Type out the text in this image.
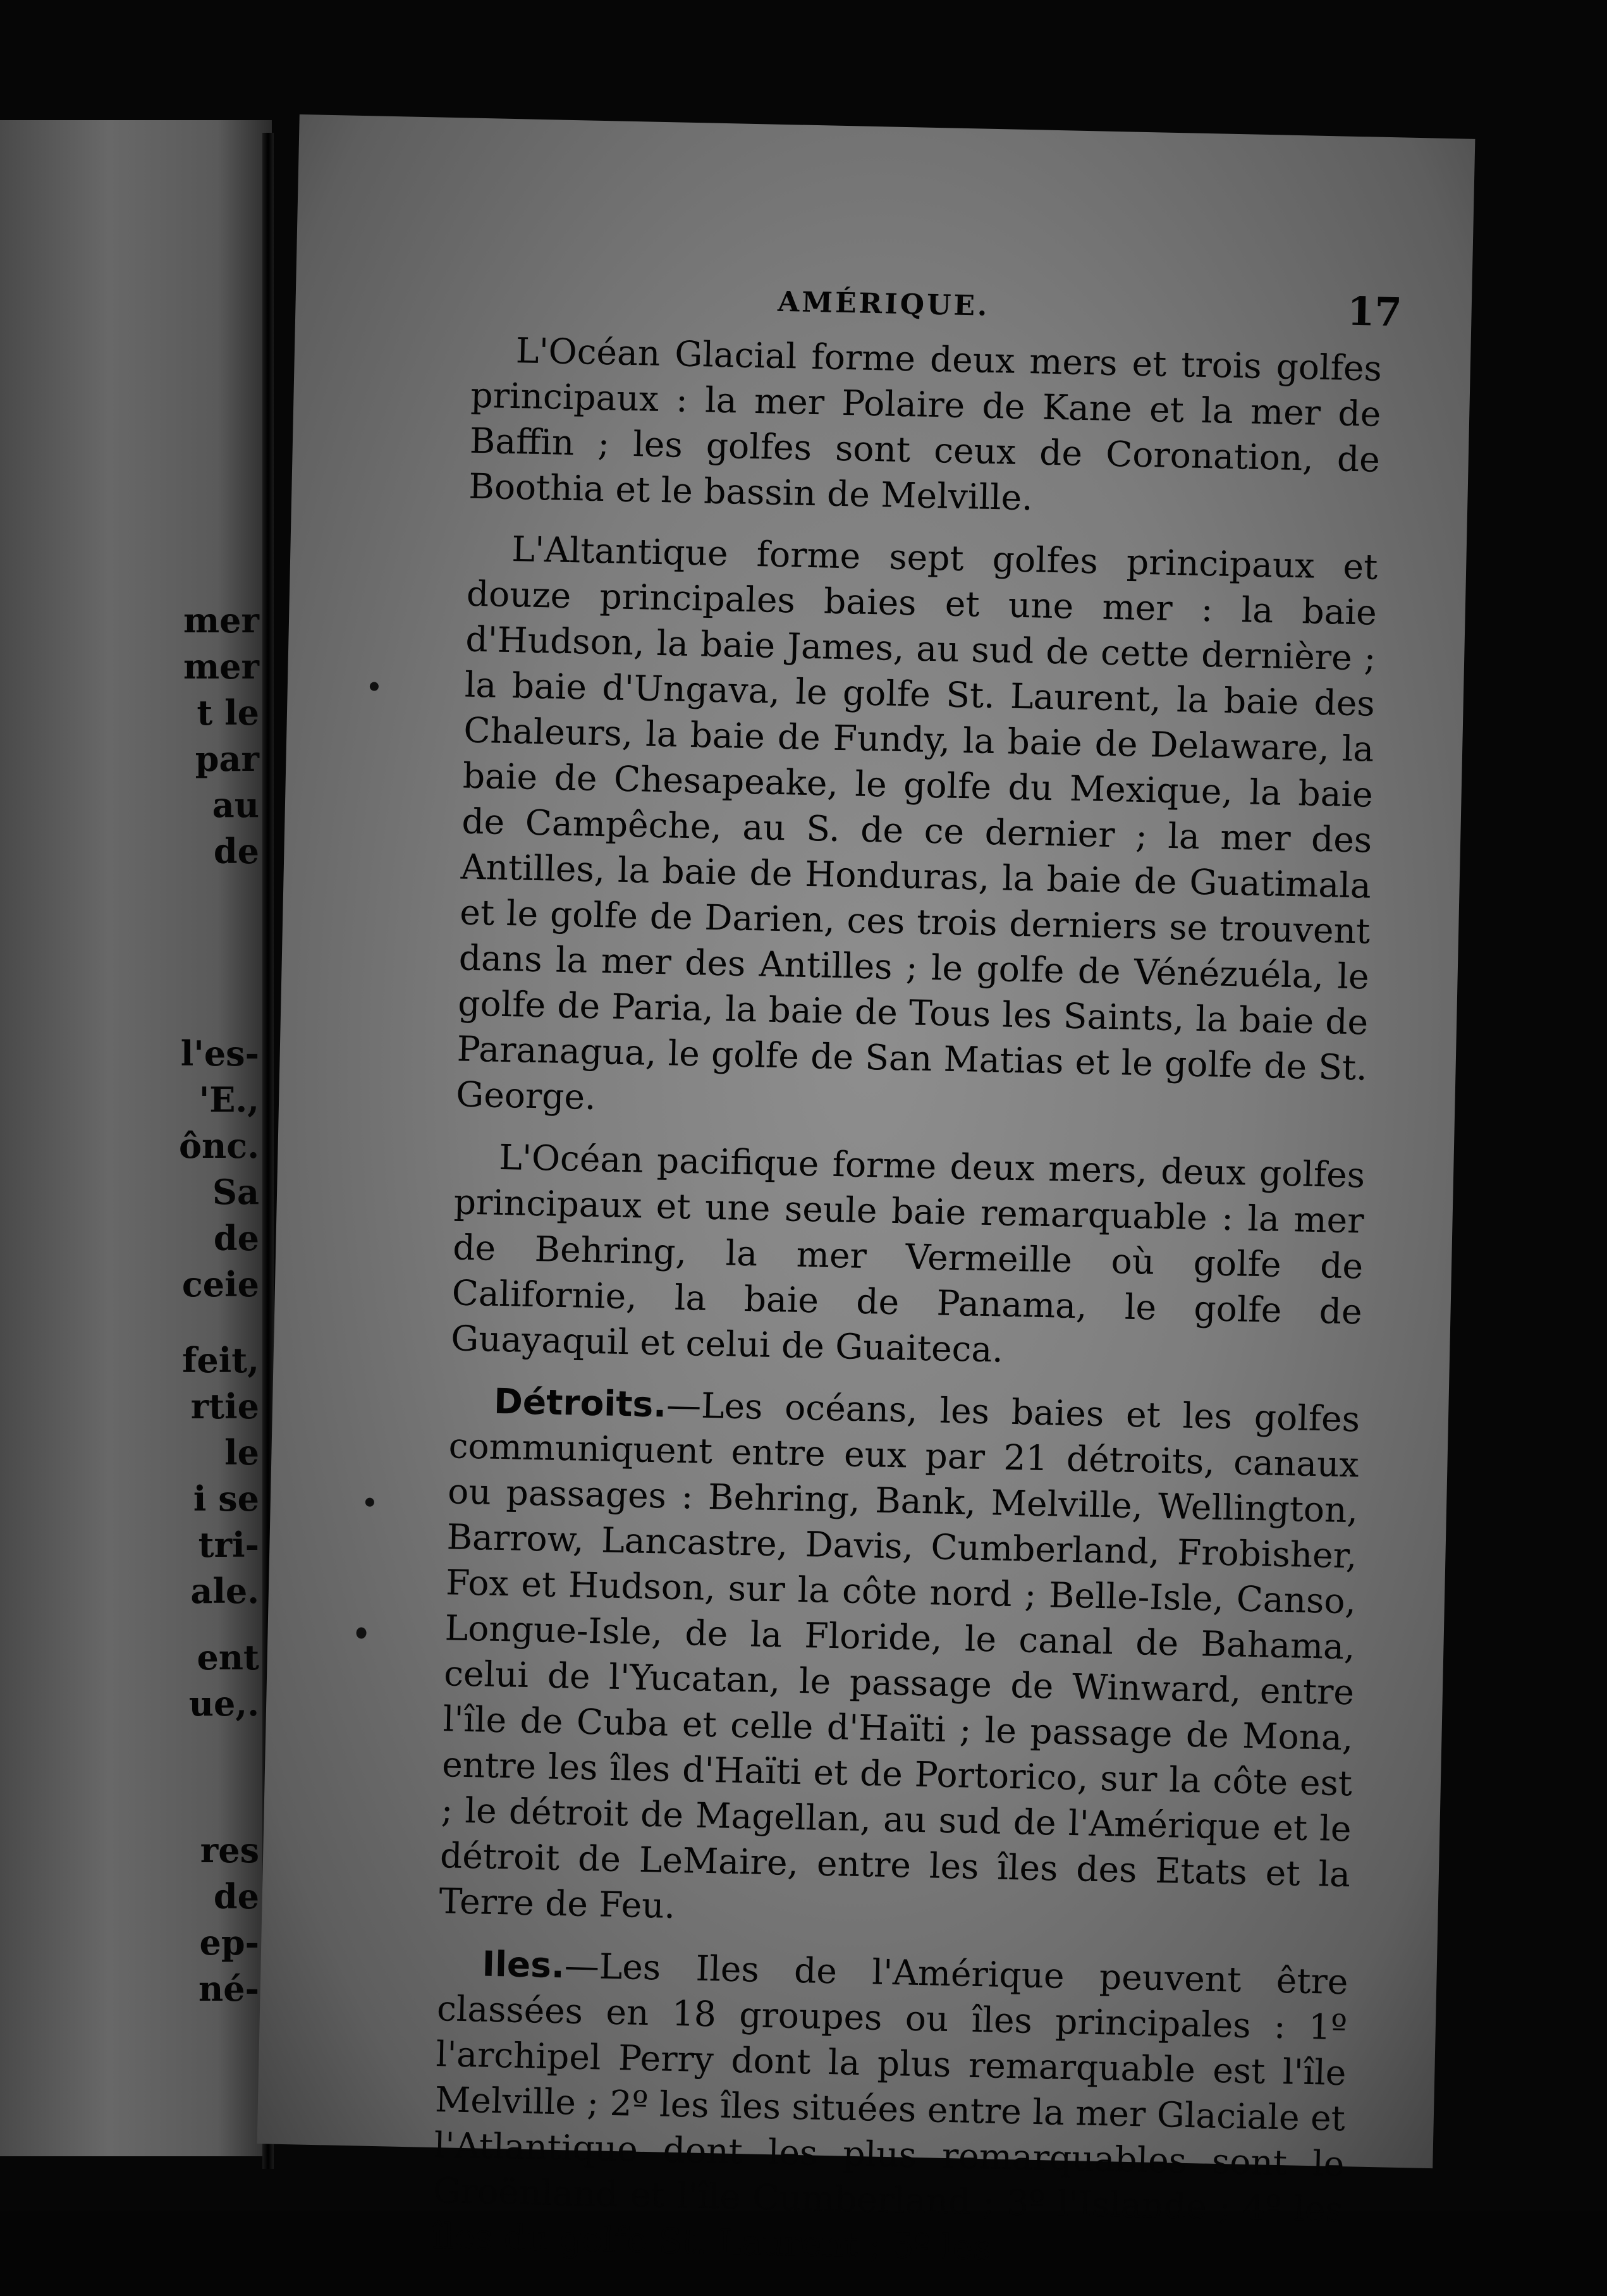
mer
mer
t le
par
au
de
l'es-
'E.,
ônc.
Sa
de
ceie
feit,
rtie
le
i se
tri-
ale.
ent
ue,.
res
de
ep-
né-
AMÉRIQUE.	17

L'Océan Glacial forme deux mers et trois golfes principaux : la mer Polaire de Kane et la mer de Baffin ; les golfes sont ceux de Coronation, de Boothia et le bassin de Melville.

L'Altantique forme sept golfes principaux et douze principales baies et une mer : la baie d'Hudson, la baie James, au sud de cette dernière ; la baie d'Ungava, le golfe St. Laurent, la baie des Chaleurs, la baie de Fundy, la baie de Delaware, la baie de Chesapeake, le golfe du Mexique, la baie de Campêche, au S. de ce dernier ; la mer des Antilles, la baie de Honduras, la baie de Guatimala et le golfe de Darien, ces trois derniers se trouvent dans la mer des Antilles ; le golfe de Vénézuéla, le golfe de Paria, la baie de Tous les Saints, la baie de Paranagua, le golfe de San Matias et le golfe de St. George.

L'Océan pacifique forme deux mers, deux golfes principaux et une seule baie remarquable : la mer de Behring, la mer Vermeille où golfe de Californie, la baie de Panama, le golfe de Guayaquil et celui de Guaiteca.

Détroits.—Les océans, les baies et les golfes communiquent entre eux par 21 détroits, canaux ou passages : Behring, Bank, Melville, Wellington, Barrow, Lancastre, Davis, Cumberland, Frobisher, Fox et Hudson, sur la côte nord ; Belle-Isle, Canso, Longue-Isle, de la Floride, le canal de Bahama, celui de l'Yucatan, le passage de Winward, entre l'île de Cuba et celle d'Haïti ; le passage de Mona, entre les îles d'Haïti et de Portorico, sur la côte est ; le détroit de Magellan, au sud de l'Amérique et le détroit de LeMaire, entre les îles des Etats et la Terre de Feu.

Iles.—Les Iles de l'Amérique peuvent être classées en 18 groupes ou îles principales : 1º l'archipel Perry dont la plus remarquable est l'île Melville ; 2º les îles situées entre la mer Glaciale et l'Atlantique dont les plus remarquables sont le Groënland et l'île Cumberland ; 3º l'Islande ; 4º les îles du golfe St. Laurent ; 5º les
